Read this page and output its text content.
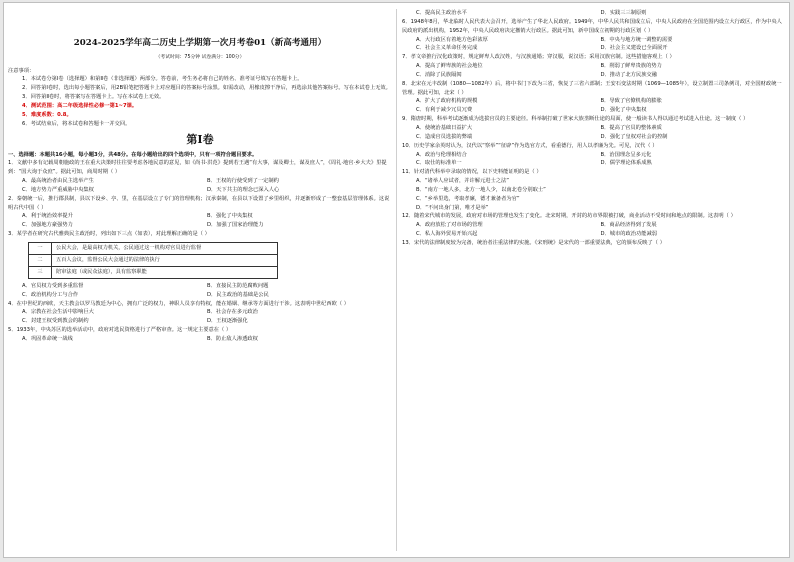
2024-2025学年高二历史上学期第一次月考卷01（新高考通用）

（考试时间：75分钟 试卷满分：100分）

注意事项：

1．本试卷分第Ⅰ卷（选择题）和第Ⅱ卷（非选择题）两部分。答卷前，考生务必将自己的姓名、准考证号填写在答题卡上。

2．回答第Ⅰ卷时，选出每小题答案后，用2B铅笔把答题卡上对应题目的答案标号涂黑。如需改动，用橡皮擦干净后，再选涂其他答案标号。写在本试卷上无效。

3．回答第Ⅱ卷时，将答案写在答题卡上。写在本试卷上无效。

4．测试范围：高二年级选择性必修一第1~7课。

5．难度系数：0.8。

6．考试结束后，将本试卷和答题卡一并交回。

第Ⅰ卷

一、选择题：本题共16小题，每小题3分，共48分。在每小题给出的四个选项中，只有一项符合题目要求。

1．文献中多有记载周朝施政的王在重大决策时往往要考虑各地民意的意见，如《尚书·洪范》提到若王遇“有大事，谋及卿士，谋及庶人”，《周礼·地官·乡大夫》里提到：“国大询于众庶”。据此可知，商周时期（ ）

A．最高统治者由民主选举产生	B．王权的行使受到了一定制约
C．地方势力严重威胁中央集权	D．天下共主的理念已深入人心

2．秦朝统一后，推行郡县制，县以下设乡、亭、里，在基层设立了专门的管理机构；汉承秦制，在县以下设置了乡里组织，并逐渐形成了一整套基层管理体系。这说明古代中国（ ）

A．利于统治效率提升	B．强化了中央集权
C．加强地方豪强势力	D．加强了国家治理能力

3．某学者在研究古代雅典民主政治时，列出如下三点（如表），对此理解正确的是（ ）

一	公民大会，是最高权力机关，公民通过这一机构对官员进行监督
二	五百人会议，监督公民大会通过的法律的执行
三	陪审法庭（或民众法庭），具有监察职能
A．官员权力受到多重监督	B．直接民主防范腐败问题
C．政治机构分工与合作	D．民主政治的基础是公民

4．在中世纪的西欧，天主教会以罗马教廷为中心，拥有广泛的权力，神职人员享有特权，能在婚姻、继承等方面进行干涉。这表明中世纪西欧（ ）

A．宗教在社会生活中影响巨大	B．社会存在多元政治
C．封建王权受到教会的制约	D．王权逐渐强化

5．1933年，中央苏区的选举活动中，政府对选民资格进行了严格审查。这一规定主要意在（ ）

A．巩固革命统一战线	B．防止敌人渗透政权
C．提高民主政治水平	D．实践三三制原则

6．1948年8月，华北临时人民代表大会召开，选举产生了华北人民政府。1949年，中华人民共和国成立后，中央人民政府在全国范围内设立大行政区，作为中央人民政府的派出机构，1952年，中央人民政府决定撤销大行政区。据此可知，新中国成立初期的行政区划（ ）

A．大行政区有着地方色彩浓厚	B．中央与地方统一调整的需要
C．社会主义革命任务完成	D．社会主义建设已全面展开

7．孝文帝推行汉化政策时，规定鲜卑人改汉姓，与汉族通婚；穿汉服，说汉语；采用汉族官制。这些措施客观上（ ）

A．提高了鲜卑族的社会地位	B．削弱了鲜卑贵族的势力
C．消除了民族隔阂	D．推动了北方民族交融

8．北宋在元丰改制（1080—1082年）后，将中书门下改为三省，恢复了三省六部制；王安石变法时期（1069—1085年），设立制置三司条例司，对全国财政统一管理。据此可知，北宋（ ）

A．扩大了政府机构的规模	B．导致了官僚机构的膨胀
C．有利于减少冗员冗费	D．强化了中央集权

9．隋唐时期，科举考试逐渐成为选拔官员的主要途径。科举制打破了世家大族垄断仕途的局面，使一般读书人得以通过考试进入仕途。这一制度（ ）

A．使统治基础日益扩大	B．提高了官员的整体素质
C．造成官员选拔的弊端	D．强化了皇权对社会的控制

10．历史学家余英时认为，汉代以“察举”“征辟”作为选官方式，看重德行，用人以孝廉为先。可见，汉代（ ）

A．政治与伦理相结合	B．治国理念呈多元化
C．取仕的标准单一	D．儒学理论体系成熟

11．针对清代科举中录取的情况，以下史料能证明的是（ ）

A．“诸举人应试者，并许解元进士之法”

B．“南方一地人多，北方一地人少，以南北卷分别取士”

C．“乡举里选，考取孝廉，德才兼备者为官”

D．“不问出身门第，唯才是举”

12．随着宋代城市的发展，政府对市场的管理也发生了变化。北宋时期，开封的坊市界限被打破，商业活动不受时间和地点的限制。这表明（ ）

A．政府放松了对市场的管理	B．商品经济得到了发展
C．私人海外贸易开始兴起	D．城市的政治功能减弱

13．宋代的法律制度较为完备，统治者注重法律的实施。《宋刑统》是宋代的一部重要法典，它的颁布反映了（ ）
